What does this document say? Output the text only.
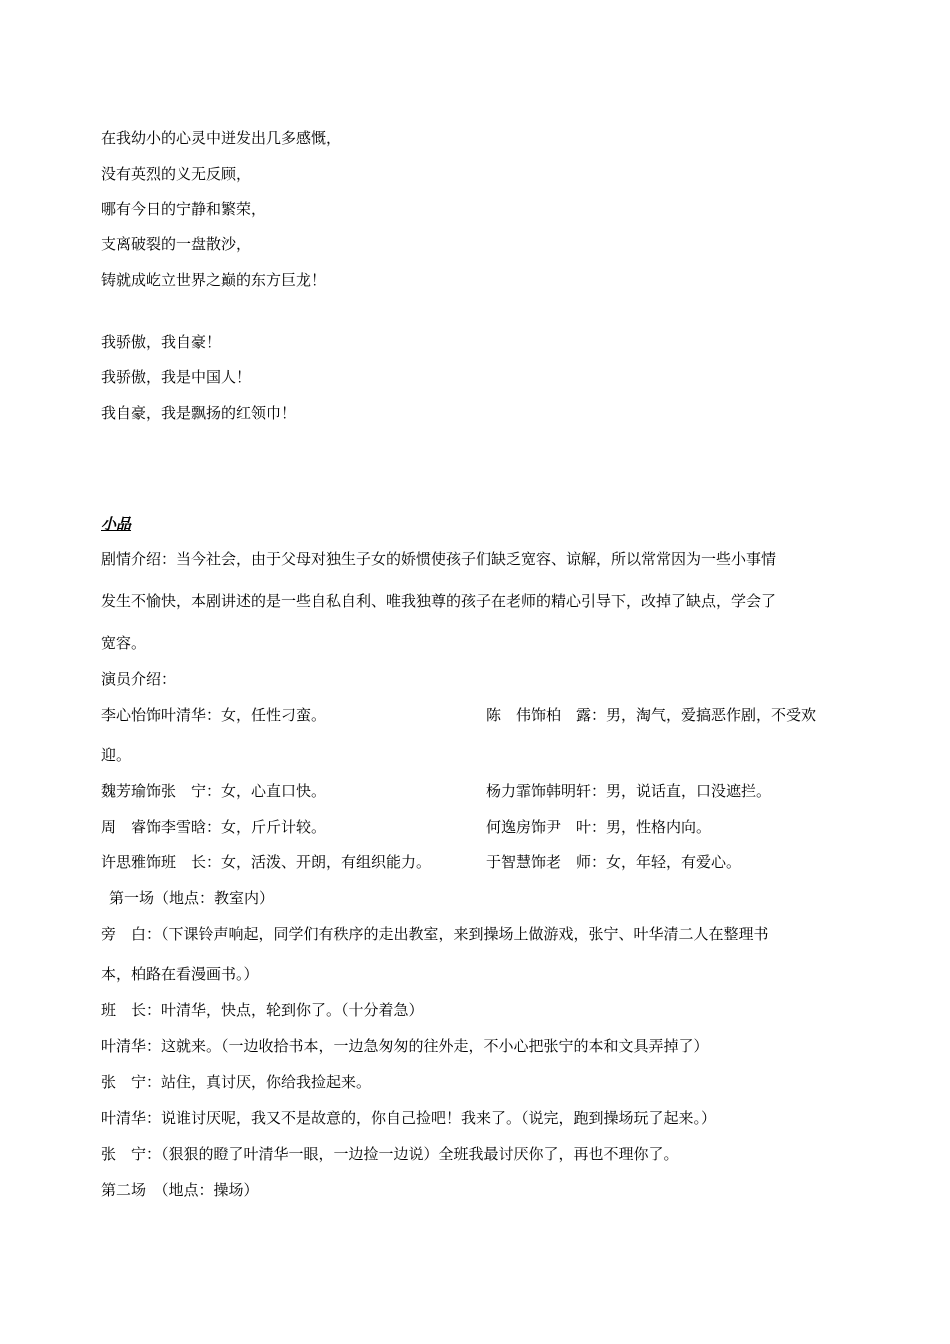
在我幼小的心灵中迸发出几多感慨，
没有英烈的义无反顾，
哪有今日的宁静和繁荣，
支离破裂的一盘散沙，
铸就成屹立世界之巅的东方巨龙！
我骄傲，我自豪！
我骄傲，我是中国人！
我自豪，我是飘扬的红领巾！
小品
剧情介绍：当今社会，由于父母对独生子女的娇惯使孩子们缺乏宽容、谅解，所以常常因为一些小事情
发生不愉快，本剧讲述的是一些自私自利、唯我独尊的孩子在老师的精心引导下，改掉了缺点，学会了
宽容。
演员介绍：
李心怡饰叶清华：女，任性刁蛮。	陈　伟饰柏　露：男，淘气，爱搞恶作剧，不受欢
迎。
魏芳瑜饰张　宁：女，心直口快。	杨力霏饰韩明轩：男，说话直，口没遮拦。
周　睿饰李雪晗：女，斤斤计较。	何逸房饰尹　叶：男，性格内向。
许思雅饰班　长：女，活泼、开朗，有组织能力。	于智慧饰老　师：女，年轻，有爱心。
第一场（地点：教室内）
旁　白：（下课铃声响起，同学们有秩序的走出教室，来到操场上做游戏，张宁、叶华清二人在整理书
本，柏路在看漫画书。）
班　长：叶清华，快点，轮到你了。（十分着急）
叶清华：这就来。（一边收拾书本，一边急匆匆的往外走，不小心把张宁的本和文具弄掉了）
张　宁：站住，真讨厌，你给我捡起来。
叶清华：说谁讨厌呢，我又不是故意的，你自己捡吧！我来了。（说完，跑到操场玩了起来。）
张　宁：（狠狠的瞪了叶清华一眼，一边捡一边说）全班我最讨厌你了，再也不理你了。
第二场　（地点：操场）
